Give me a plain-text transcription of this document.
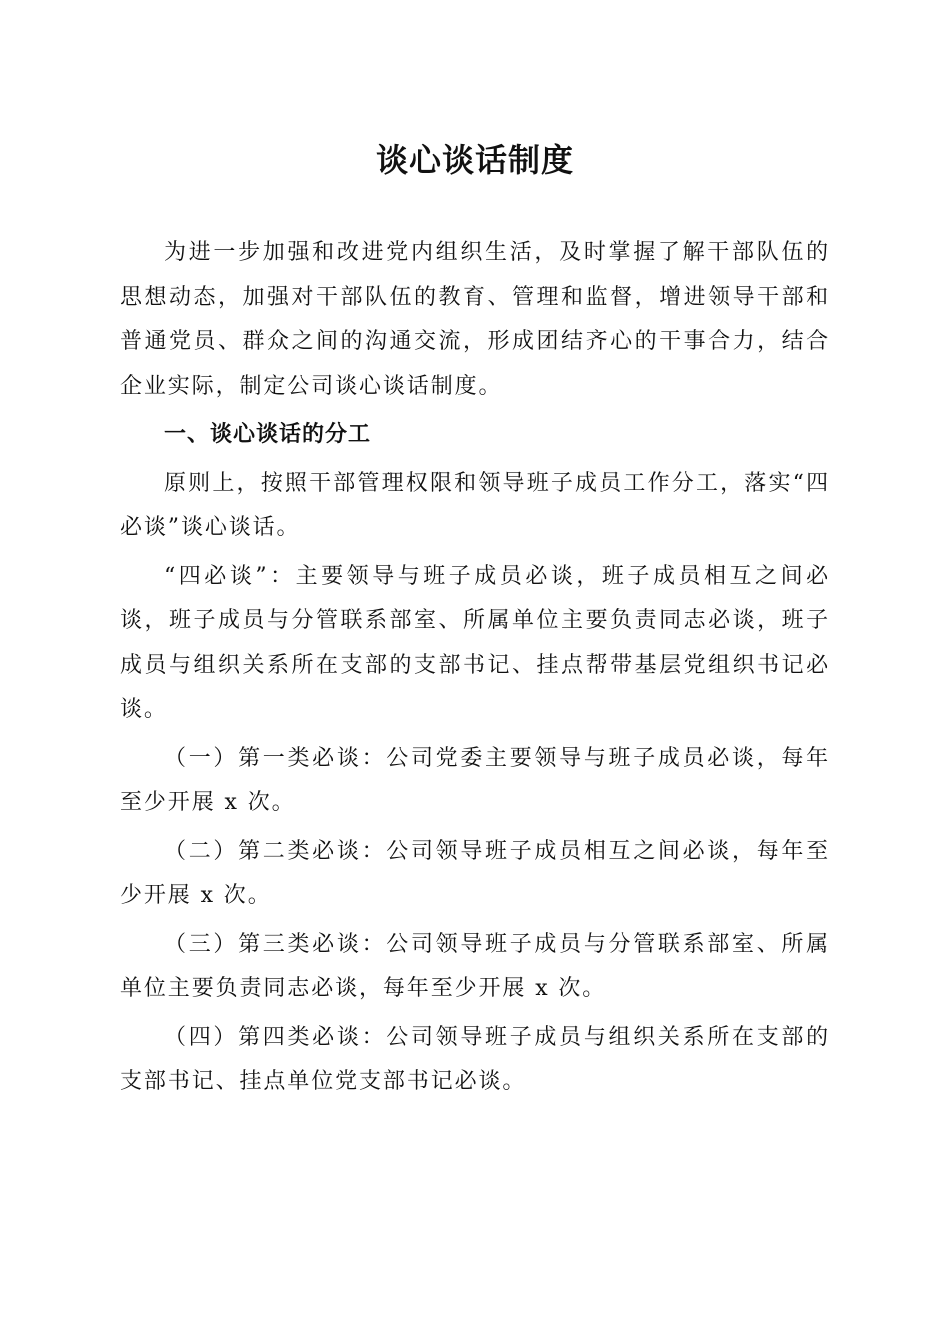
谈心谈话制度

为进一步加强和改进党内组织生活，及时掌握了解干部队伍的思想动态，加强对干部队伍的教育、管理和监督，增进领导干部和普通党员、群众之间的沟通交流，形成团结齐心的干事合力，结合企业实际，制定公司谈心谈话制度。

一、谈心谈话的分工

原则上，按照干部管理权限和领导班子成员工作分工，落实“四必谈”谈心谈话。

“四必谈”：主要领导与班子成员必谈，班子成员相互之间必谈，班子成员与分管联系部室、所属单位主要负责同志必谈，班子成员与组织关系所在支部的支部书记、挂点帮带基层党组织书记必谈。

（一）第一类必谈：公司党委主要领导与班子成员必谈，每年至少开展 x 次。

（二）第二类必谈：公司领导班子成员相互之间必谈，每年至少开展 x 次。

（三）第三类必谈：公司领导班子成员与分管联系部室、所属单位主要负责同志必谈，每年至少开展 x 次。

（四）第四类必谈：公司领导班子成员与组织关系所在支部的支部书记、挂点单位党支部书记必谈。
